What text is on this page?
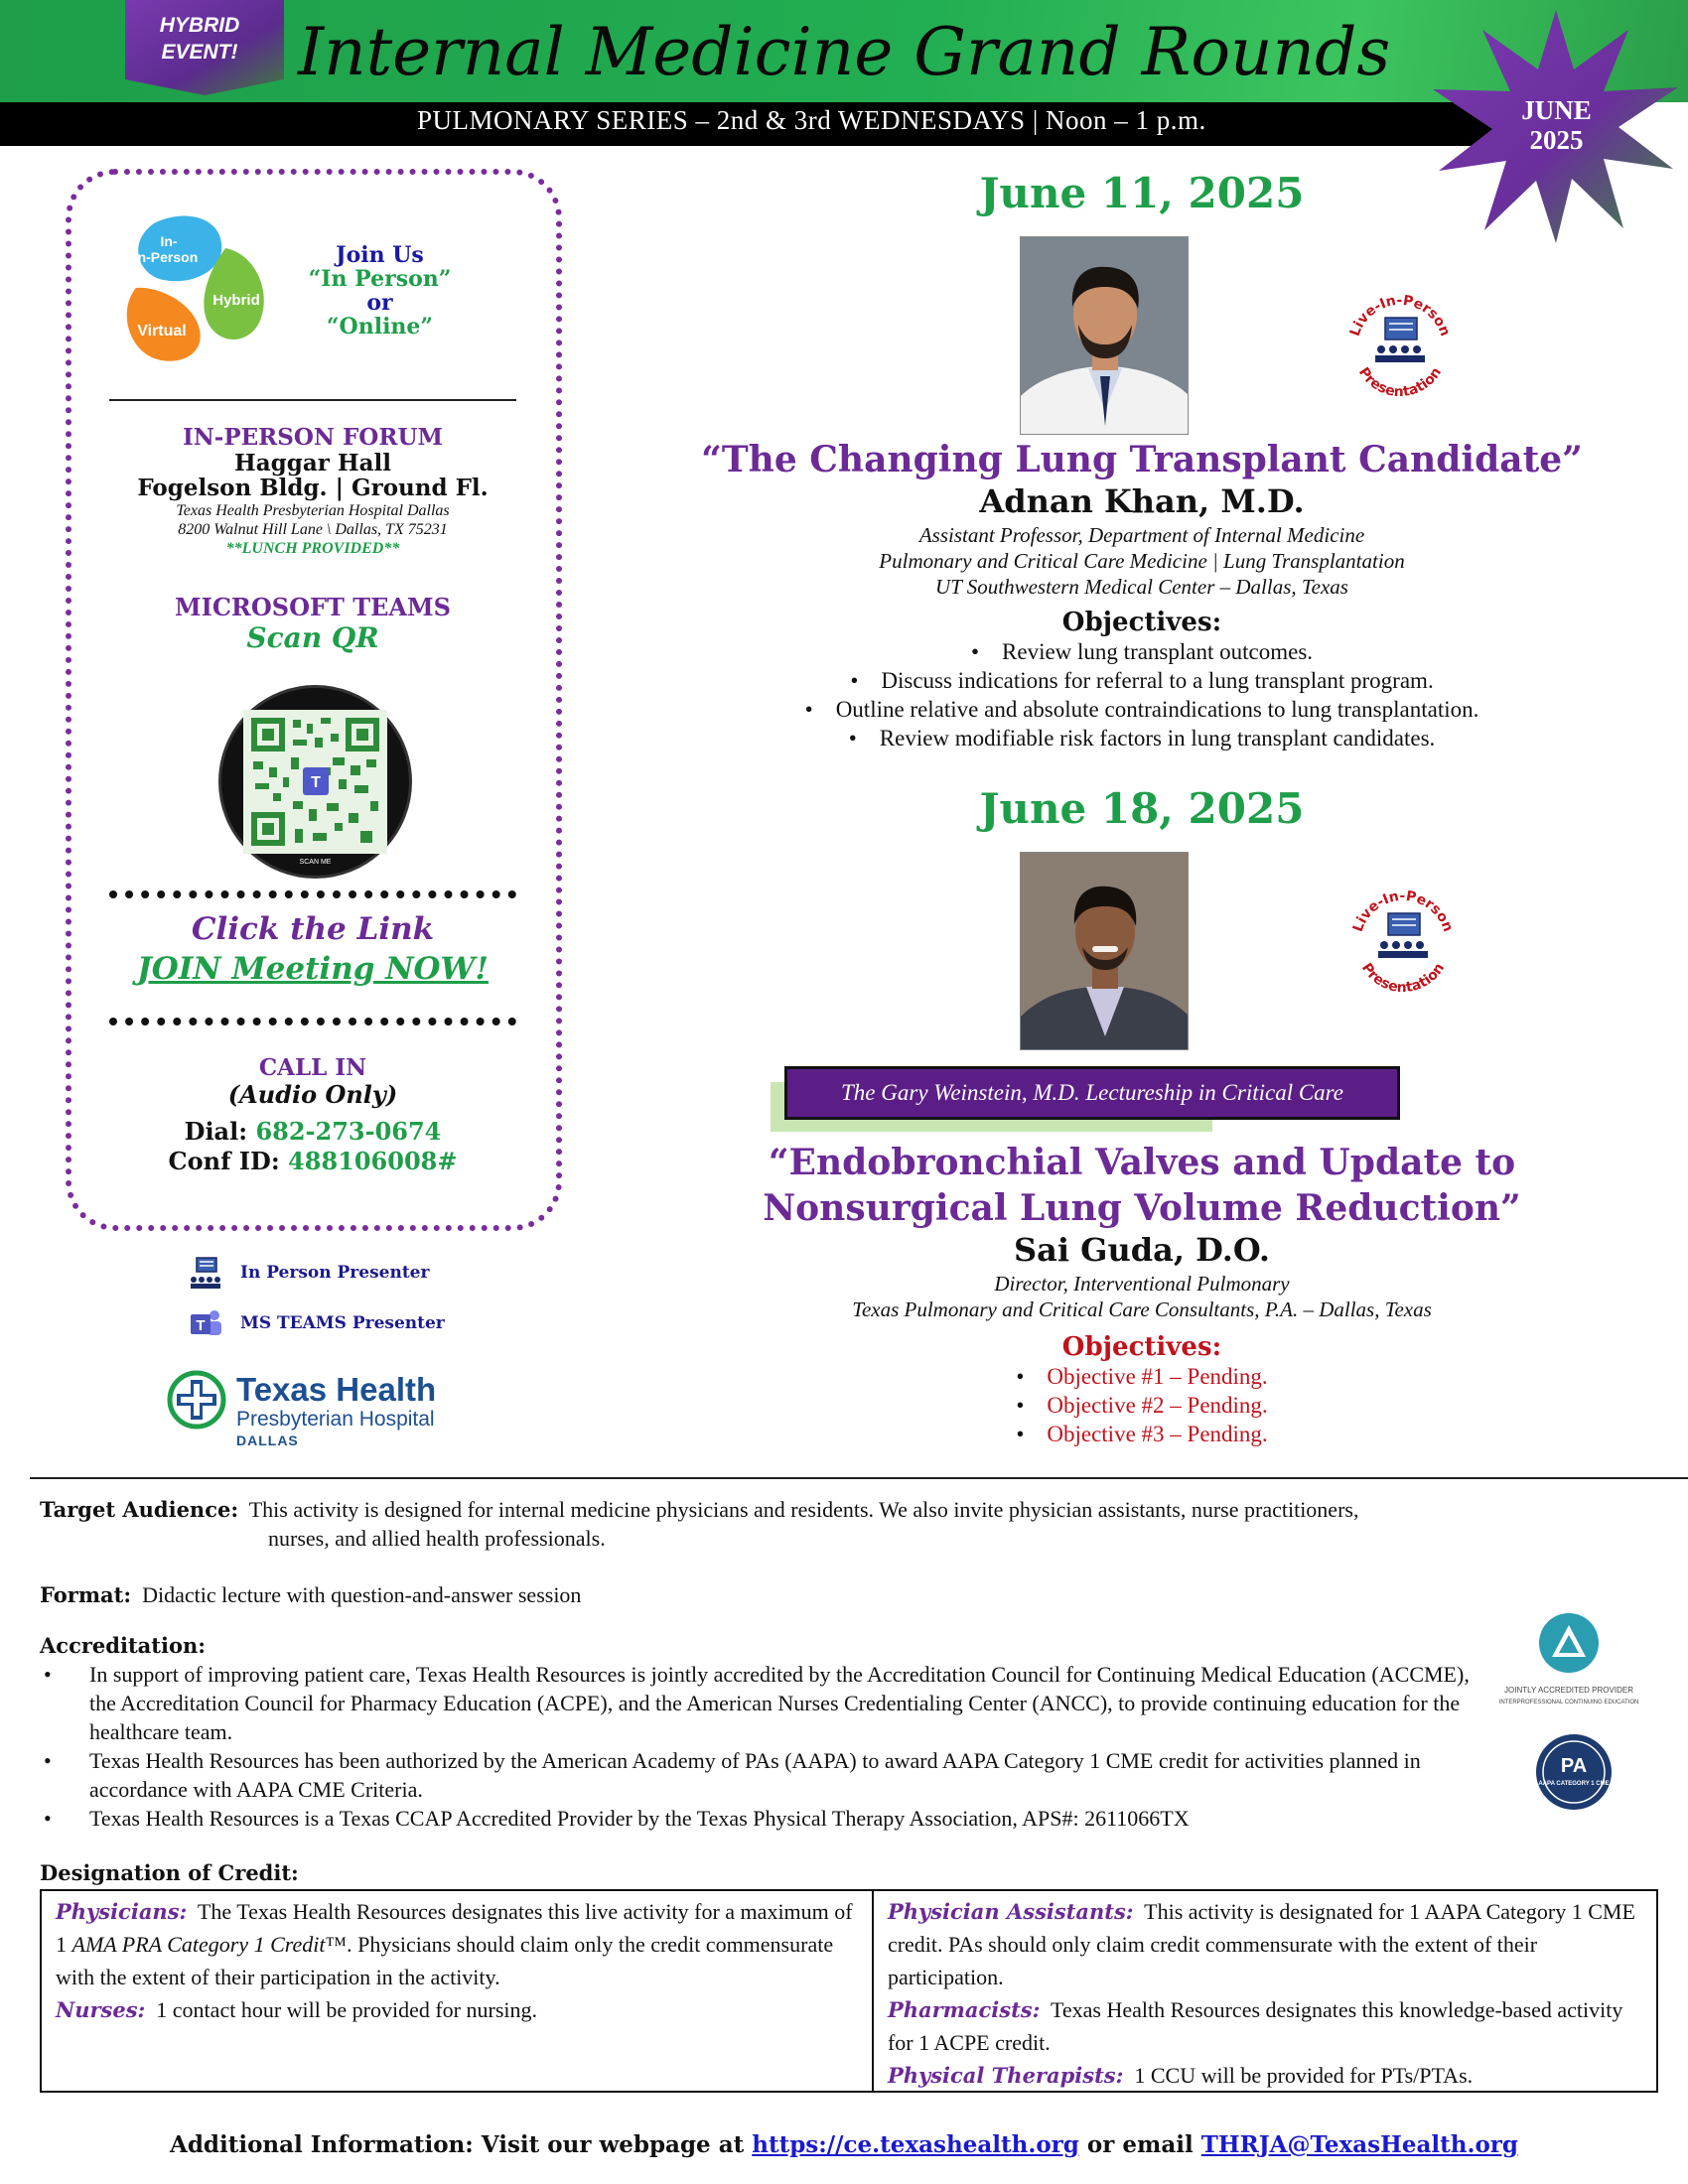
HYBRID
EVENT! Internal Medicine Grand Rounds
PULMONARY SERIES – 2nd & 3rd WEDNESDAYS | Noon – 1 p.m.	JUNE
2025
In-
In-Person
Hybrid
Virtual
Join Us
“In Person”
or
“Online”
IN-PERSON FORUM
Haggar Hall
Fogelson Bldg. | Ground Fl.
Texas Health Presbyterian Hospital Dallas
8200 Walnut Hill Lane \ Dallas, TX 75231
**LUNCH PROVIDED**
MICROSOFT TEAMS
Scan QR
T
SCAN ME
Click the Link
JOIN Meeting NOW!
CALL IN
(Audio Only)
Dial: 682-273-0674
Conf ID: 488106008#
In Person Presenter
T MS TEAMS Presenter
Texas Health
Presbyterian Hospital
DALLAS
June 11, 2025
Live-In-Person
Presentation
“The Changing Lung Transplant Candidate”
Adnan Khan, M.D.
Assistant Professor, Department of Internal Medicine
Pulmonary and Critical Care Medicine | Lung Transplantation
UT Southwestern Medical Center – Dallas, Texas
Objectives:
•    Review lung transplant outcomes.
•    Discuss indications for referral to a lung transplant program.
•    Outline relative and absolute contraindications to lung transplantation.
•    Review modifiable risk factors in lung transplant candidates.
June 18, 2025
Live-In-Person
Presentation
The Gary Weinstein, M.D. Lectureship in Critical Care
“Endobronchial Valves and Update to
Nonsurgical Lung Volume Reduction”
Sai Guda, D.O.
Director, Interventional Pulmonary
Texas Pulmonary and Critical Care Consultants, P.A. – Dallas, Texas
Objectives:
• Objective #1 – Pending.
• Objective #2 – Pending.
• Objective #3 – Pending.
Target Audience: This activity is designed for internal medicine physicians and residents. We also invite physician assistants, nurse practitioners,
nurses, and allied health professionals.
Format: Didactic lecture with question-and-answer session
Accreditation:
• In support of improving patient care, Texas Health Resources is jointly accredited by the Accreditation Council for Continuing Medical Education (ACCME), the Accreditation Council for Pharmacy Education (ACPE), and the American Nurses Credentialing Center (ANCC), to provide continuing education for the healthcare team.
• Texas Health Resources has been authorized by the American Academy of PAs (AAPA) to award AAPA Category 1 CME credit for activities planned in accordance with AAPA CME Criteria.
• Texas Health Resources is a Texas CCAP Accredited Provider by the Texas Physical Therapy Association, APS#: 2611066TX
JOINTLY ACCREDITED PROVIDER
INTERPROFESSIONAL CONTINUING EDUCATION
PA
AAPA CATEGORY 1 CME
Designation of Credit:
Physicians: The Texas Health Resources designates this live activity for a maximum of 1 AMA PRA Category 1 Credit™. Physicians should claim only the credit commensurate with the extent of their participation in the activity.
Nurses: 1 contact hour will be provided for nursing.
Physician Assistants: This activity is designated for 1 AAPA Category 1 CME credit. PAs should only claim credit commensurate with the extent of their participation.
Pharmacists: Texas Health Resources designates this knowledge-based activity for 1 ACPE credit.
Physical Therapists: 1 CCU will be provided for PTs/PTAs.
Additional Information: Visit our webpage at https://ce.texashealth.org or email THRJA@TexasHealth.org
